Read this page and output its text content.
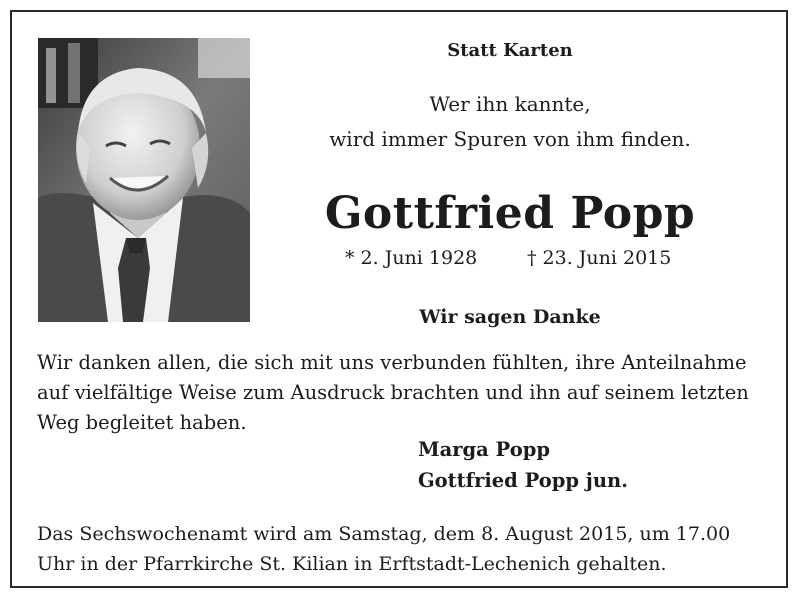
Statt Karten
Wer ihn kannte,
wird immer Spuren von ihm finden.
Gottfried Popp
* 2. Juni 1928	† 23. Juni 2015
Wir sagen Danke
Wir danken allen, die sich mit uns verbunden fühlten, ihre Anteilnahme auf vielfältige Weise zum Ausdruck brachten und ihn auf seinem letzten Weg begleitet haben.
Marga Popp
Gottfried Popp jun.
Das Sechswochenamt wird am Samstag, dem 8. August 2015, um 17.00 Uhr in der Pfarrkirche St. Kilian in Erftstadt-Lechenich gehalten.
